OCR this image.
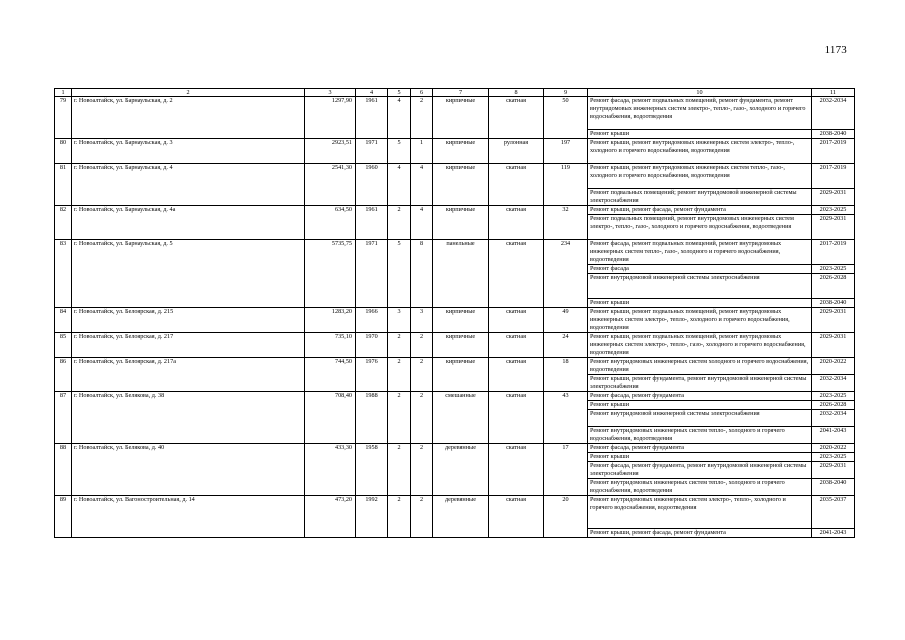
1173
1	2	3	4	5	6	7	8	9	10	11
79	г. Новоалтайск, ул. Барнаульская, д. 2	1297,90	1961	4	2	кирпичные	скатная	50	Ремонт фасада, ремонт подвальных помещений, ремонт фундамента, ремонт внутридомовых инженерных систем электро-, тепло-, газо-, холодного и горячего водоснабжения, водоотведения	2032-2034
									Ремонт крыши	2038-2040
80	г. Новоалтайск, ул. Барнаульская, д. 3	2923,51	1971	5	1	кирпичные	рулонная	197	Ремонт крыши, ремонт внутридомовых инженерных систем электро-, тепло-, холодного и горячего водоснабжения, водоотведения	2017-2019
81	г. Новоалтайск, ул. Барнаульская, д. 4	2541,30	1960	4	4	кирпичные	скатная	119	Ремонт крыши, ремонт внутридомовых инженерных систем тепло-, газо-, холодного и горячего водоснабжения, водоотведения	2017-2019
									Ремонт подвальных помещений; ремонт внутридомовой инженерной системы электроснабжения	2029-2031
82	г. Новоалтайск, ул. Барнаульская, д. 4а	634,50	1961	2	4	кирпичные	скатная	32	Ремонт крыши, ремонт фасада, ремонт фундамента	2023-2025
									Ремонт подвальных помещений, ремонт внутридомовых инженерных систем электро-, тепло-, газо-, холодного и горячего водоснабжения, водоотведения	2029-2031
83	г. Новоалтайск, ул. Барнаульская, д. 5	5735,75	1971	5	8	панельные	скатная	234	Ремонт фасада, ремонт подвальных помещений, ремонт внутридомовых инженерных систем тепло-, газо-, холодного и горячего водоснабжения, водоотведения	2017-2019
									Ремонт фасада	2023-2025
									Ремонт внутридомовой инженерной системы электроснабжения	2026-2028
									Ремонт крыши	2038-2040
84	г. Новоалтайск, ул. Белоярская, д. 215	1283,20	1966	3	3	кирпичные	скатная	49	Ремонт крыши, ремонт подвальных помещений, ремонт внутридомовых инженерных систем электро-, тепло-, холодного и горячего водоснабжения, водоотведения	2029-2031
85	г. Новоалтайск, ул. Белоярская, д. 217	735,10	1970	2	2	кирпичные	скатная	24	Ремонт крыши, ремонт подвальных помещений, ремонт внутридомовых инженерных систем электро-, тепло-, газо-, холодного и горячего водоснабжения, водоотведения	2029-2031
86	г. Новоалтайск, ул. Белоярская, д. 217а	744,50	1976	2	2	кирпичные	скатная	18	Ремонт внутридомовых инженерных систем холодного и горячего водоснабжения, водоотведения	2020-2022
									Ремонт крыши, ремонт фундамента, ремонт внутридомовой инженерной системы электроснабжения	2032-2034
87	г. Новоалтайск, ул. Белякова, д. 38	708,40	1988	2	2	смешанные	скатная	43	Ремонт фасада, ремонт фундамента	2023-2025
									Ремонт крыши	2026-2028
									Ремонт внутридомовой инженерной системы электроснабжения	2032-2034
									Ремонт внутридомовых инженерных систем тепло-, холодного и горячего водоснабжения, водоотведения	2041-2043
88	г. Новоалтайск, ул. Белякова, д. 40	433,30	1958	2	2	деревянные	скатная	17	Ремонт фасада, ремонт фундамента	2020-2022
									Ремонт крыши	2023-2025
									Ремонт фасада, ремонт фундамента, ремонт внутридомовой инженерной системы электроснабжения	2029-2031
									Ремонт внутридомовых инженерных систем тепло-, холодного и горячего водоснабжения, водоотведения	2038-2040
89	г. Новоалтайск, ул. Вагоностроительная, д. 14	473,20	1992	2	2	деревянные	скатная	20	Ремонт внутридомовых инженерных систем электро-, тепло-, холодного и горячего водоснабжения, водоотведения	2035-2037
									Ремонт крыши, ремонт фасада, ремонт фундамента	2041-2043
